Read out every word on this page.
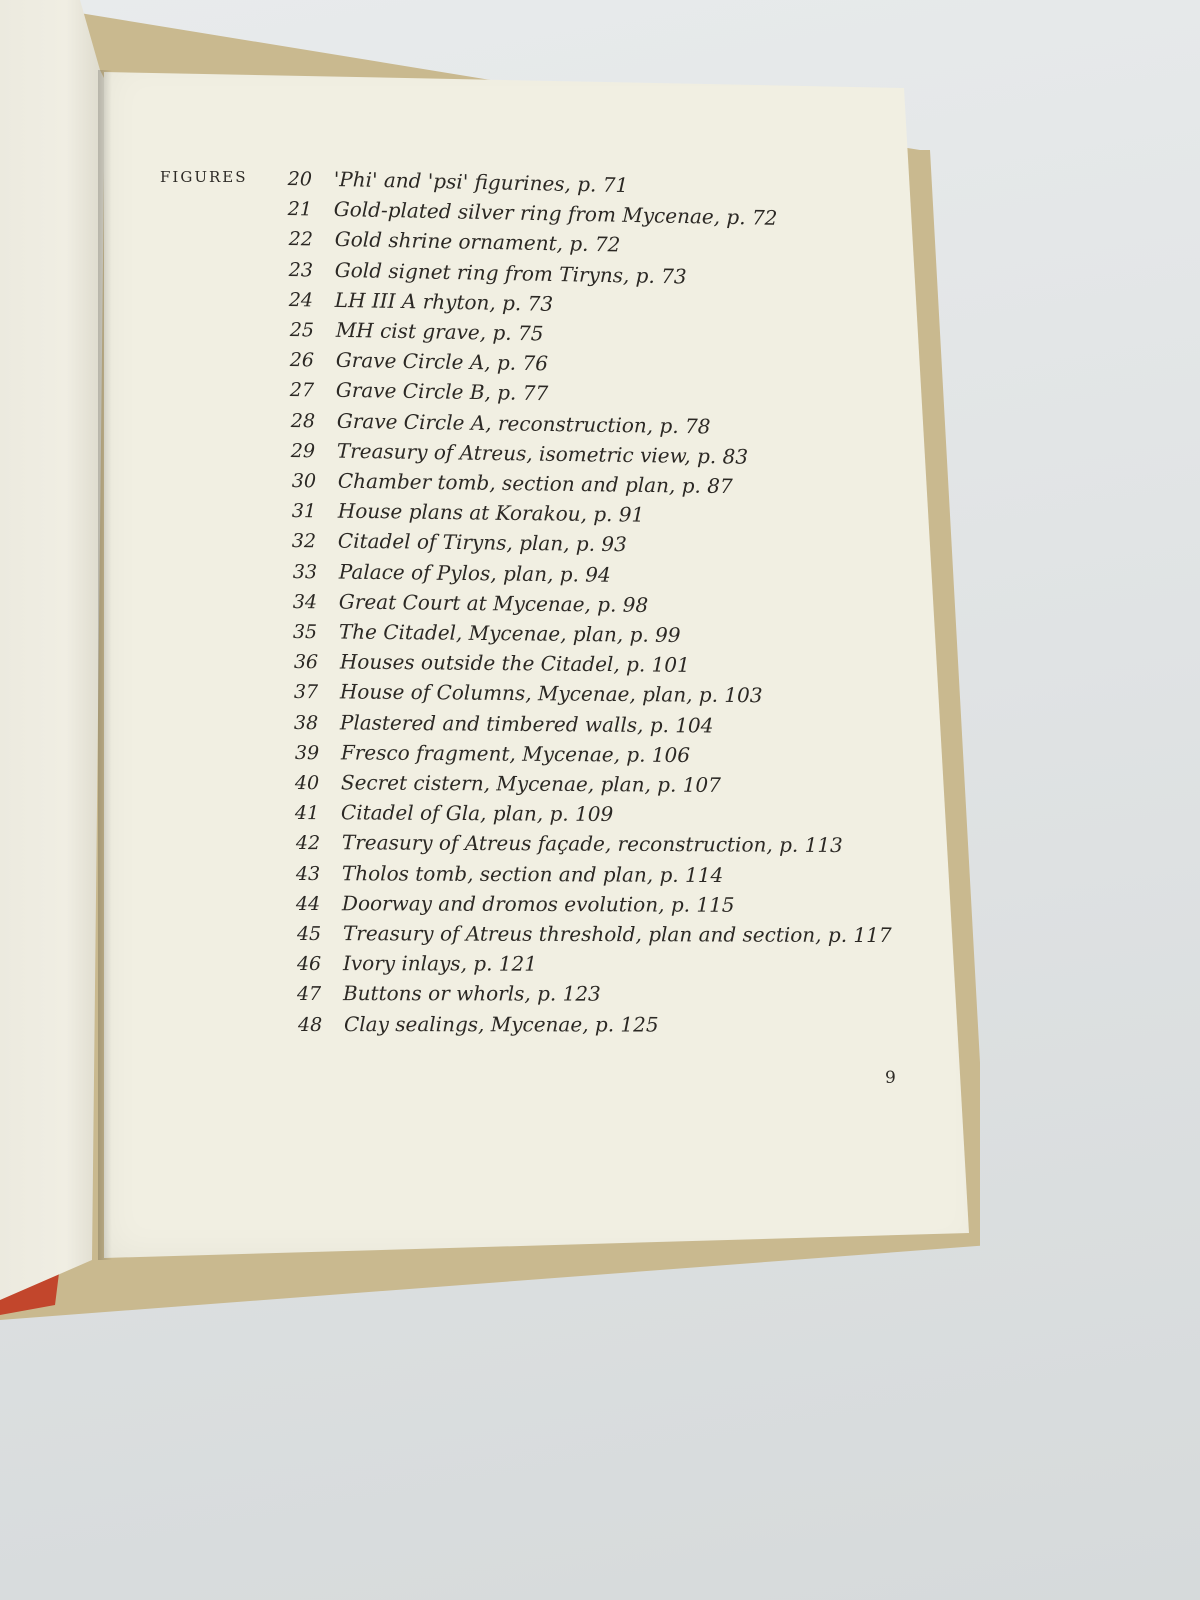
FIGURES 20 'Phi' and 'psi' figurines, p. 71
21 Gold-plated silver ring from Mycenae, p. 72
22 Gold shrine ornament, p. 72
23 Gold signet ring from Tiryns, p. 73
24 LH III A rhyton, p. 73
25 MH cist grave, p. 75
26 Grave Circle A, p. 76
27 Grave Circle B, p. 77
28 Grave Circle A, reconstruction, p. 78
29 Treasury of Atreus, isometric view, p. 83
30 Chamber tomb, section and plan, p. 87
31 House plans at Korakou, p. 91
32 Citadel of Tiryns, plan, p. 93
33 Palace of Pylos, plan, p. 94
34 Great Court at Mycenae, p. 98
35 The Citadel, Mycenae, plan, p. 99
36 Houses outside the Citadel, p. 101
37 House of Columns, Mycenae, plan, p. 103
38 Plastered and timbered walls, p. 104
39 Fresco fragment, Mycenae, p. 106
40 Secret cistern, Mycenae, plan, p. 107
41 Citadel of Gla, plan, p. 109
42 Treasury of Atreus façade, reconstruction, p. 113
43 Tholos tomb, section and plan, p. 114
44 Doorway and dromos evolution, p. 115
45 Treasury of Atreus threshold, plan and section, p. 117
46 Ivory inlays, p. 121
47 Buttons or whorls, p. 123
48 Clay sealings, Mycenae, p. 125
9
